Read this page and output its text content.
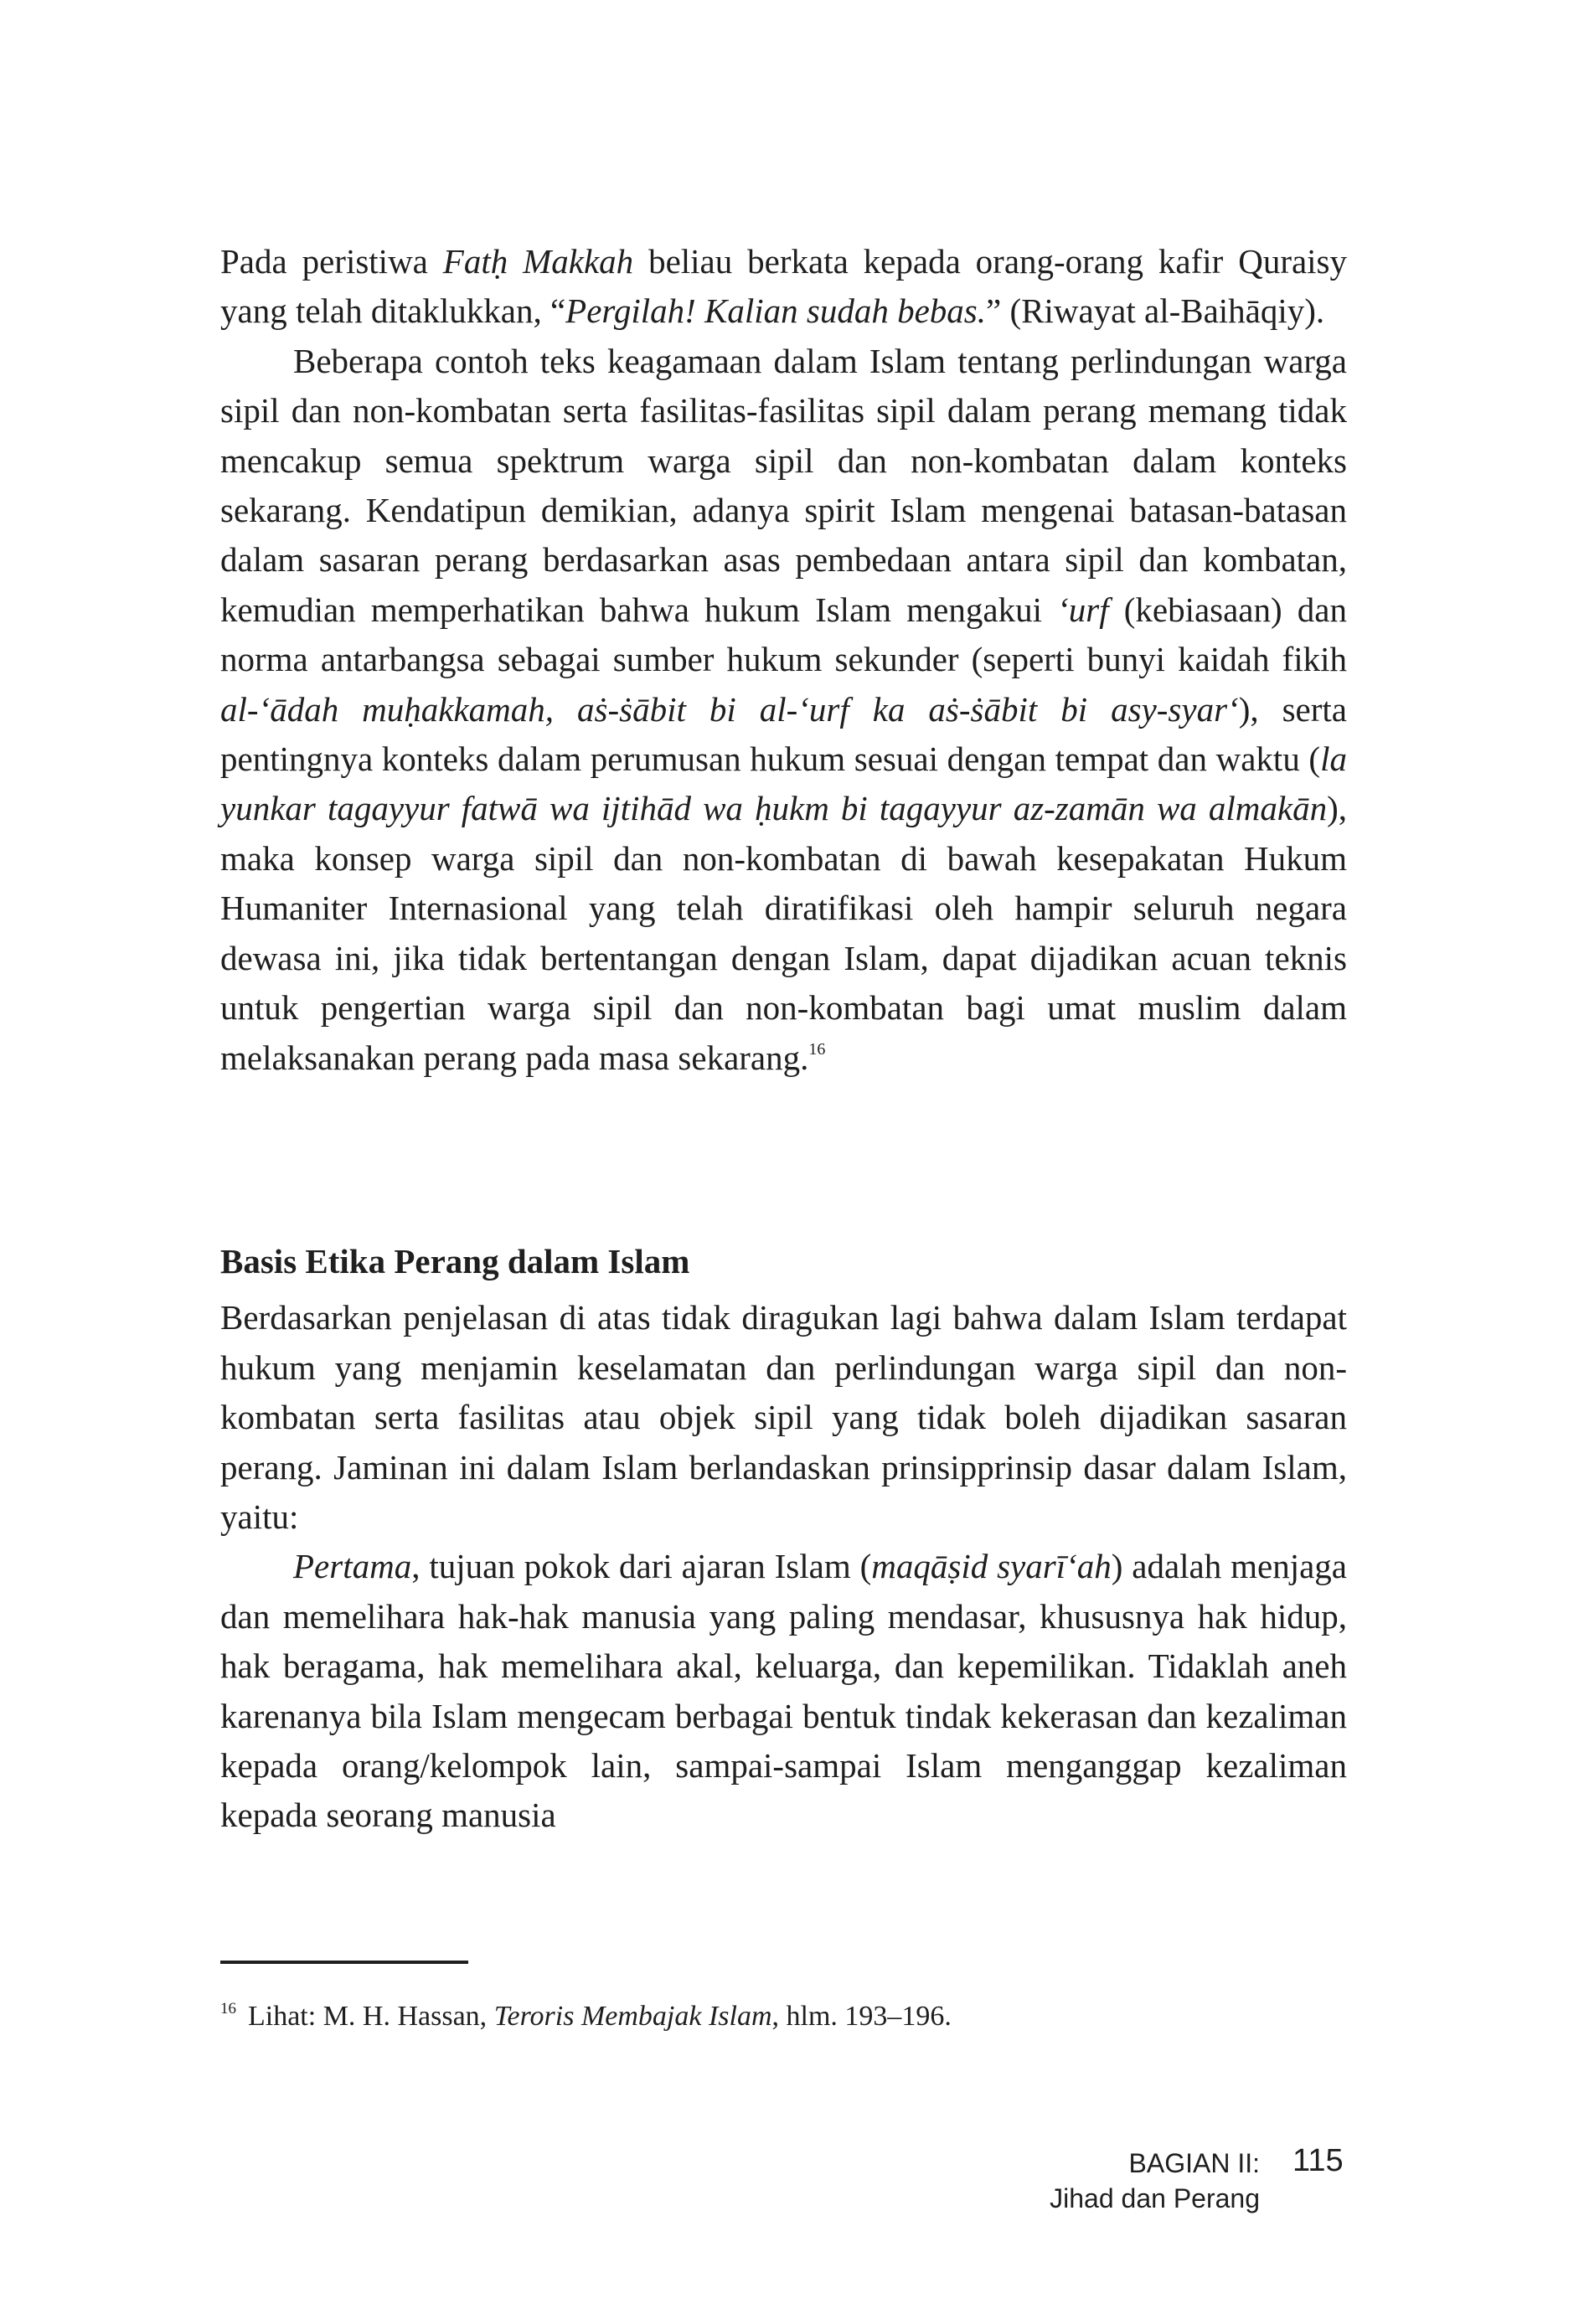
Pada peristiwa Fatḥ Makkah beliau berkata kepada orang-orang kafir Quraisy yang telah ditaklukkan, “Pergilah! Kalian sudah bebas.” (Riwayat al-Baihāqiy).

Beberapa contoh teks keagamaan dalam Islam tentang perlindungan warga sipil dan non-kombatan serta fasilitas-fasilitas sipil dalam perang memang tidak mencakup semua spektrum warga sipil dan non-kombatan dalam konteks sekarang. Kendatipun demikian, adanya spirit Islam mengenai batasan-batasan dalam sasaran perang berdasarkan asas pembedaan antara sipil dan kombatan, kemudian memperhatikan bahwa hukum Islam mengakui ‘urf (kebiasaan) dan norma antarbangsa sebagai sumber hukum sekunder (seperti bunyi kaidah fikih al-‘ādah muḥakkamah, aṡ-ṡābit bi al-‘urf ka aṡ-ṡābit bi asy-syar‘), serta pentingnya konteks dalam perumusan hukum sesuai dengan tempat dan waktu (la yunkar tagayyur fatwā wa ijtihād wa ḥukm bi tagayyur az-zamān wa almakān), maka konsep warga sipil dan non-kombatan di bawah kesepakatan Hukum Humaniter Internasional yang telah diratifikasi oleh hampir seluruh negara dewasa ini, jika tidak bertentangan dengan Islam, dapat dijadikan acuan teknis untuk pengertian warga sipil dan non-kombatan bagi umat muslim dalam melaksanakan perang pada masa sekarang.$^{16}$

Basis Etika Perang dalam Islam

Berdasarkan penjelasan di atas tidak diragukan lagi bahwa dalam Islam terdapat hukum yang menjamin keselamatan dan perlindungan warga sipil dan non-kombatan serta fasilitas atau objek sipil yang tidak boleh dijadikan sasaran perang. Jaminan ini dalam Islam berlandaskan prinsipprinsip dasar dalam Islam, yaitu:

Pertama, tujuan pokok dari ajaran Islam (maqāṣid syarī‘ah) adalah menjaga dan memelihara hak-hak manusia yang paling mendasar, khususnya hak hidup, hak beragama, hak memelihara akal, keluarga, dan kepemilikan. Tidaklah aneh karenanya bila Islam mengecam berbagai bentuk tindak kekerasan dan kezaliman kepada orang/kelompok lain, sampai-sampai Islam menganggap kezaliman kepada seorang manusia

$^{16}$ Lihat: M. H. Hassan, Teroris Membajak Islam, hlm. 193–196.
BAGIAN II:
Jihad dan Perang
115
